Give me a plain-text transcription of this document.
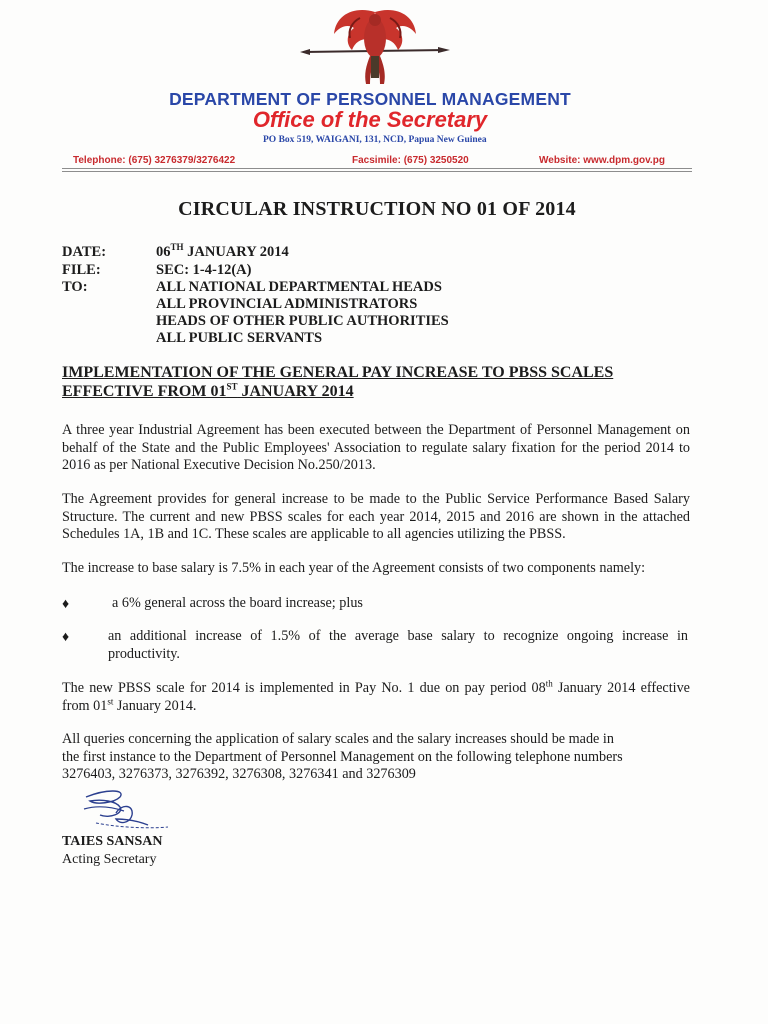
DEPARTMENT OF PERSONNEL MANAGEMENT
Office of the Secretary
PO Box 519, WAIGANI, 131, NCD, Papua New Guinea
Telephone: (675) 3276379/3276422	Facsimile: (675) 3250520	Website: www.dpm.gov.pg
CIRCULAR INSTRUCTION NO 01 OF 2014
DATE:	06TH JANUARY 2014
FILE:	SEC: 1-4-12(A)
TO:	ALL NATIONAL DEPARTMENTAL HEADS
ALL PROVINCIAL ADMINISTRATORS
HEADS OF OTHER PUBLIC AUTHORITIES
ALL PUBLIC SERVANTS
IMPLEMENTATION OF THE GENERAL PAY INCREASE TO PBSS SCALES
EFFECTIVE FROM 01ST JANUARY 2014
A three year Industrial Agreement has been executed between the Department of Personnel Management on behalf of the State and the Public Employees' Association to regulate salary fixation for the period 2014 to 2016 as per National Executive Decision No.250/2013.
The Agreement provides for general increase to be made to the Public Service Performance Based Salary Structure. The current and new PBSS scales for each year 2014, 2015 and 2016 are shown in the attached Schedules 1A, 1B and 1C. These scales are applicable to all agencies utilizing the PBSS.
The increase to base salary is 7.5% in each year of the Agreement consists of two components namely:
♦	a 6% general across the board increase; plus
♦	an additional increase of 1.5% of the average base salary to recognize ongoing increase in productivity.
The new PBSS scale for 2014 is implemented in Pay No. 1 due on pay period 08th January 2014 effective from 01st January 2014.
All queries concerning the application of salary scales and the salary increases should be made in
the first instance to the Department of Personnel Management on the following telephone numbers
3276403, 3276373, 3276392, 3276308, 3276341 and 3276309
TAIES SANSAN
Acting Secretary
